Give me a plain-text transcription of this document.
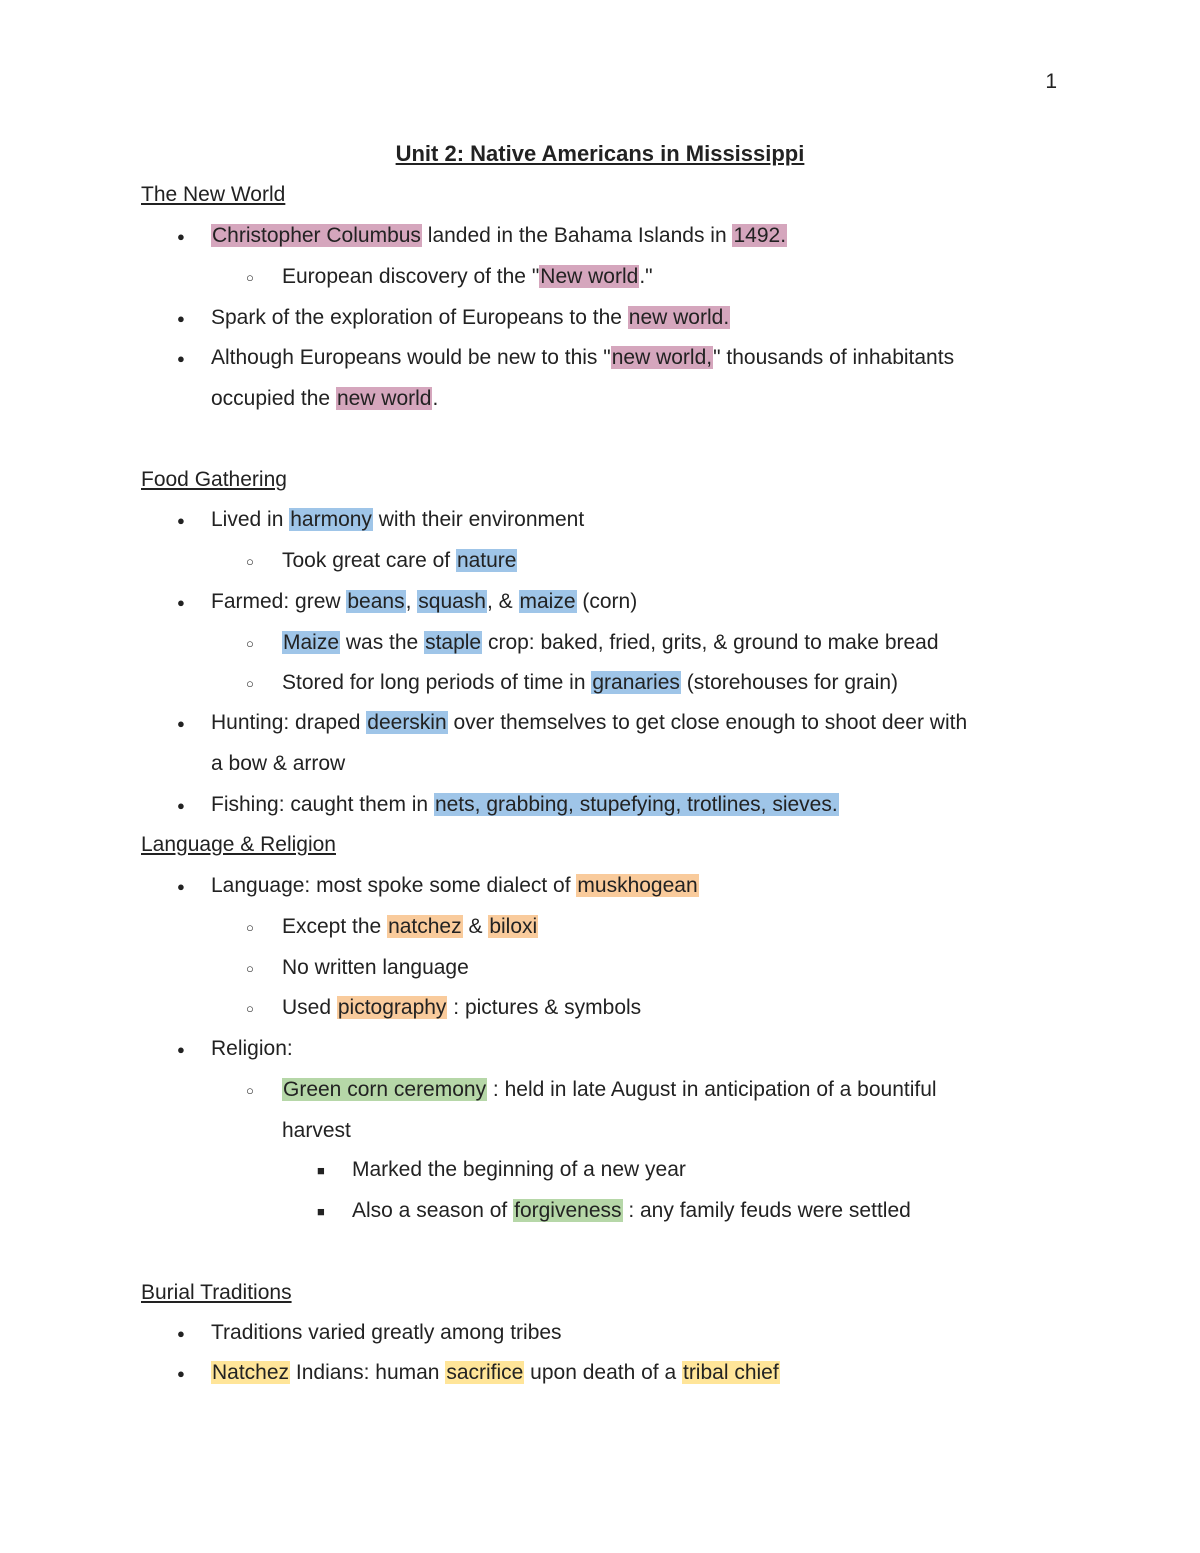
1
Unit 2: Native Americans in Mississippi
The New World
● Christopher Columbus landed in the Bahama Islands in 1492.
○ European discovery of the "New world."
● Spark of the exploration of Europeans to the new world.
● Although Europeans would be new to this "new world," thousands of inhabitants
occupied the new world.
Food Gathering
● Lived in harmony with their environment
○ Took great care of nature
● Farmed: grew beans, squash, & maize (corn)
○ Maize was the staple crop: baked, fried, grits, & ground to make bread
○ Stored for long periods of time in granaries (storehouses for grain)
● Hunting: draped deerskin over themselves to get close enough to shoot deer with
a bow & arrow
● Fishing: caught them in nets, grabbing, stupefying, trotlines, sieves.
Language & Religion
● Language: most spoke some dialect of muskhogean
○ Except the natchez & biloxi
○ No written language
○ Used pictography : pictures & symbols
● Religion:
○ Green corn ceremony : held in late August in anticipation of a bountiful
harvest
■ Marked the beginning of a new year
■ Also a season of forgiveness : any family feuds were settled
Burial Traditions
● Traditions varied greatly among tribes
● Natchez Indians: human sacrifice upon death of a tribal chief
